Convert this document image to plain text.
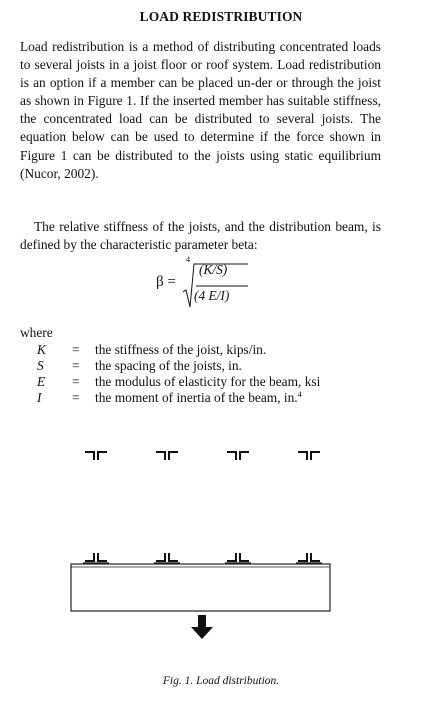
LOAD REDISTRIBUTION

Load redistribution is a method of distributing concentrated loads to several joists in a joist floor or roof system. Load redistribution is an option if a member can be placed un-​der or through the joist as shown in Figure 1. If the inserted member has suitable stiffness, the concentrated load can be distributed to several joists. The equation below can be used to determine if the force shown in Figure 1 can be distributed to the joists using static equilibrium (Nucor, 2002).

The relative stiffness of the joists, and the distribution beam, is defined by the characteristic parameter beta:

β =
4
(K/S)
(4 E/I)
where
K = the stiffness of the joist, kips/in.
S = the spacing of the joists, in.
E = the modulus of elasticity for the beam, ksi
I = the moment of inertia of the beam, in.$^4$
Fig. 1. Load distribution.
